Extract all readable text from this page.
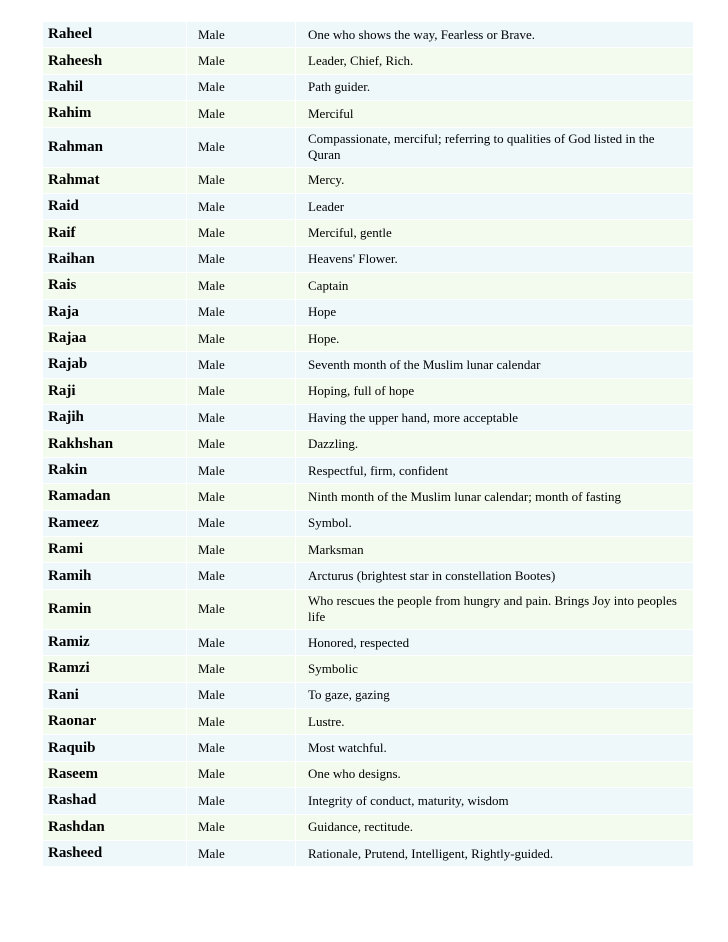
Raheel	Male	One who shows the way, Fearless or Brave.
Raheesh	Male	Leader, Chief, Rich.
Rahil	Male	Path guider.
Rahim	Male	Merciful
Rahman	Male	Compassionate, merciful; referring to qualities of God listed in the Quran
Rahmat	Male	Mercy.
Raid	Male	Leader
Raif	Male	Merciful, gentle
Raihan	Male	Heavens' Flower.
Rais	Male	Captain
Raja	Male	Hope
Rajaa	Male	Hope.
Rajab	Male	Seventh month of the Muslim lunar calendar
Raji	Male	Hoping, full of hope
Rajih	Male	Having the upper hand, more acceptable
Rakhshan	Male	Dazzling.
Rakin	Male	Respectful, firm, confident
Ramadan	Male	Ninth month of the Muslim lunar calendar; month of fasting
Rameez	Male	Symbol.
Rami	Male	Marksman
Ramih	Male	Arcturus (brightest star in constellation Bootes)
Ramin	Male	Who rescues the people from hungry and pain. Brings Joy into peoples life
Ramiz	Male	Honored, respected
Ramzi	Male	Symbolic
Rani	Male	To gaze, gazing
Raonar	Male	Lustre.
Raquib	Male	Most watchful.
Raseem	Male	One who designs.
Rashad	Male	Integrity of conduct, maturity, wisdom
Rashdan	Male	Guidance, rectitude.
Rasheed	Male	Rationale, Prutend, Intelligent, Rightly-guided.
